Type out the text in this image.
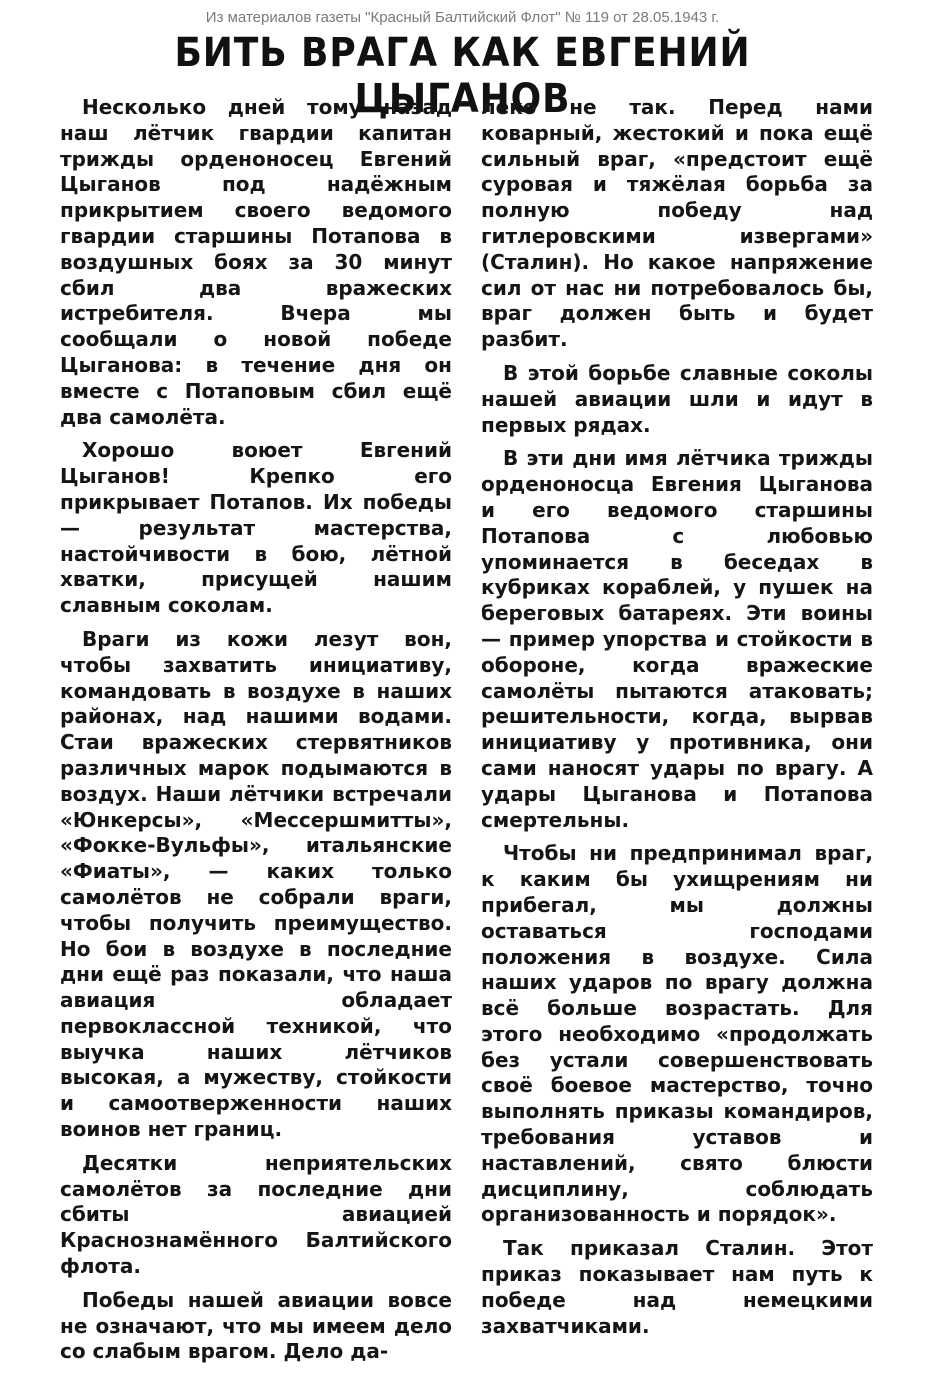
Из материалов газеты "Красный Балтийский Флот" № 119 от 28.05.1943 г.
БИТЬ ВРАГА КАК ЕВГЕНИЙ ЦЫГАНОВ

Несколько дней тому назад наш лётчик гвардии капитан трижды орденоносец Евгений Цыганов под надёжным прикрытием своего ведомого гвардии старшины Потапова в воздушных боях за 30 минут сбил два вражеских истребителя. Вчера мы сообщали о новой победе Цыганова: в течение дня он вместе с Потаповым сбил ещё два самолёта.

Хорошо воюет Евгений Цыганов! Крепко его прикрывает Потапов. Их победы — результат мастерства, настойчивости в бою, лётной хватки, присущей нашим славным соколам.

Враги из кожи лезут вон, чтобы захватить инициативу, командовать в воздухе в наших районах, над нашими водами. Стаи вражеских стервятников различных марок подымаются в воздух. Наши лётчики встречали «Юнкерсы», «Мессершмитты», «Фокке-Вульфы», итальянские «Фиаты», — каких только самолётов не собрали враги, чтобы получить преимущество. Но бои в воздухе в последние дни ещё раз показали, что наша авиация обладает первоклассной техникой, что выучка наших лётчиков высокая, а мужеству, стойкости и самоотверженности наших воинов нет границ.

Десятки неприятельских самолётов за последние дни сбиты авиацией Краснознамённого Балтийского флота.

Победы нашей авиации вовсе не означают, что мы имеем дело со слабым врагом. Дело да-

леко не так. Перед нами коварный, жестокий и пока ещё сильный враг, «предстоит ещё суровая и тяжёлая борьба за полную победу над гитлеровскими извергами» (Сталин). Но какое напряжение сил от нас ни потребовалось бы, враг должен быть и будет разбит.

В этой борьбе славные соколы нашей авиации шли и идут в первых рядах.

В эти дни имя лётчика трижды орденоносца Евгения Цыганова и его ведомого старшины Потапова с любовью упоминается в беседах в кубриках кораблей, у пушек на береговых батареях. Эти воины — пример упорства и стойкости в обороне, когда вражеские самолёты пытаются атаковать; решительности, когда, вырвав инициативу у противника, они сами наносят удары по врагу. А удары Цыганова и Потапова смертельны.

Чтобы ни предпринимал враг, к каким бы ухищрениям ни прибегал, мы должны оставаться господами положения в воздухе. Сила наших ударов по врагу должна всё больше возрастать. Для этого необходимо «продолжать без устали совершенствовать своё боевое мастерство, точно выполнять приказы командиров, требования уставов и наставлений, свято блюсти дисциплину, соблюдать организованность и порядок».

Так приказал Сталин. Этот приказ показывает нам путь к победе над немецкими захватчиками.
